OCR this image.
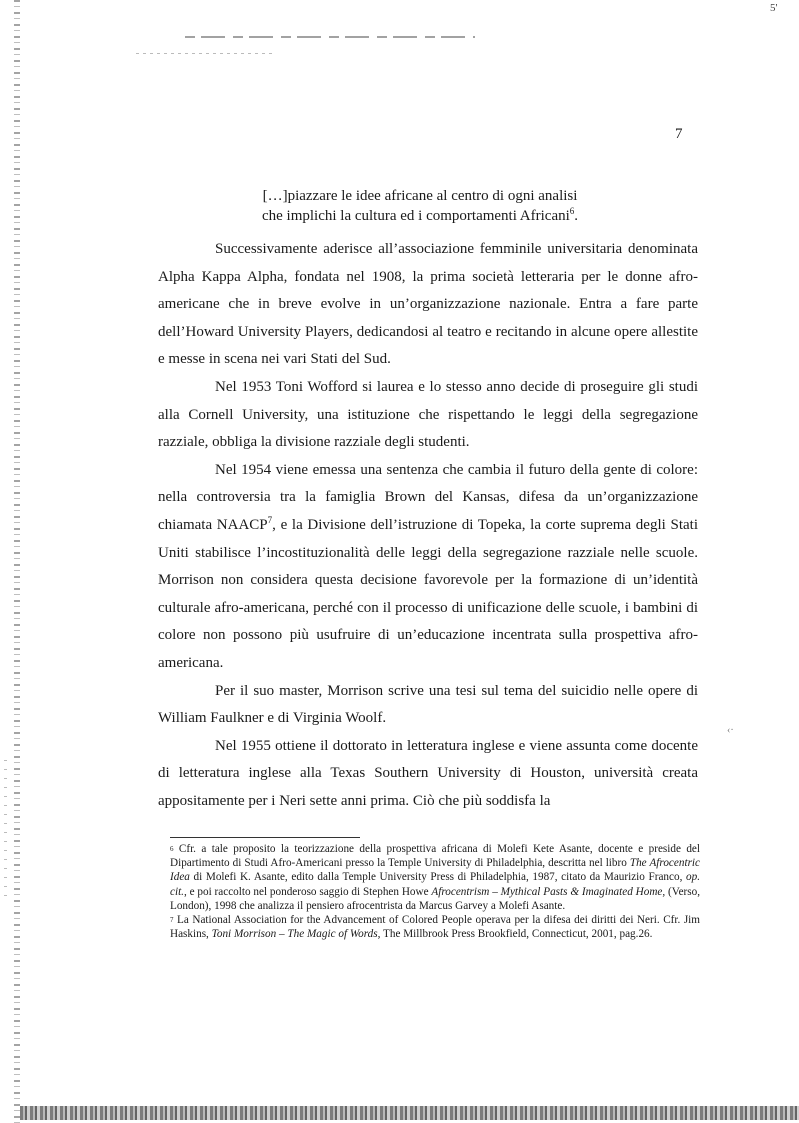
5'
7
[…]piazzare le idee africane al centro di ogni analisi
che implichi la cultura ed i comportamenti Africani$^6$.

Successivamente aderisce all’associazione femminile universitaria denominata Alpha Kappa Alpha, fondata nel 1908, la prima società letteraria per le donne afro-americane che in breve evolve in un’organizzazione nazionale. Entra a fare parte dell’Howard University Players, dedicandosi al teatro e recitando in alcune opere allestite e messe in scena nei vari Stati del Sud.

Nel 1953 Toni Wofford si laurea e lo stesso anno decide di proseguire gli studi alla Cornell University, una istituzione che rispettando le leggi della segregazione razziale, obbliga la divisione razziale degli studenti.

Nel 1954 viene emessa una sentenza che cambia il futuro della gente di colore: nella controversia tra la famiglia Brown del Kansas, difesa da un’organizzazione chiamata NAACP$^7$, e la Divisione dell’istruzione di Topeka, la corte suprema degli Stati Uniti stabilisce l’incostituzionalità delle leggi della segregazione razziale nelle scuole. Morrison non considera questa decisione favorevole per la formazione di un’identità culturale afro-americana, perché con il processo di unificazione delle scuole, i bambini di colore non possono più usufruire di un’educazione incentrata sulla prospettiva afro-americana.

Per il suo master, Morrison scrive una tesi sul tema del suicidio nelle opere di William Faulkner e di Virginia Woolf.

Nel 1955 ottiene il dottorato in letteratura inglese e viene assunta come docente di letteratura inglese alla Texas Southern University di Houston, università creata appositamente per i Neri sette anni prima. Ciò che più soddisfa la

‹·

$^6$ Cfr. a tale proposito la teorizzazione della prospettiva africana di Molefi Kete Asante, docente e preside del Dipartimento di Studi Afro-Americani presso la Temple University di Philadelphia, descritta nel libro The Afrocentric Idea di Molefi K. Asante, edito dalla Temple University Press di Philadelphia, 1987, citato da Maurizio Franco, op. cit., e poi raccolto nel ponderoso saggio di Stephen Howe Afrocentrism – Mythical Pasts & Imaginated Home, (Verso, London), 1998 che analizza il pensiero afrocentrista da Marcus Garvey a Molefi Asante.

$^7$ La National Association for the Advancement of Colored People operava per la difesa dei diritti dei Neri. Cfr. Jim Haskins, Toni Morrison – The Magic of Words, The Millbrook Press Brookfield, Connecticut, 2001, pag.26.
